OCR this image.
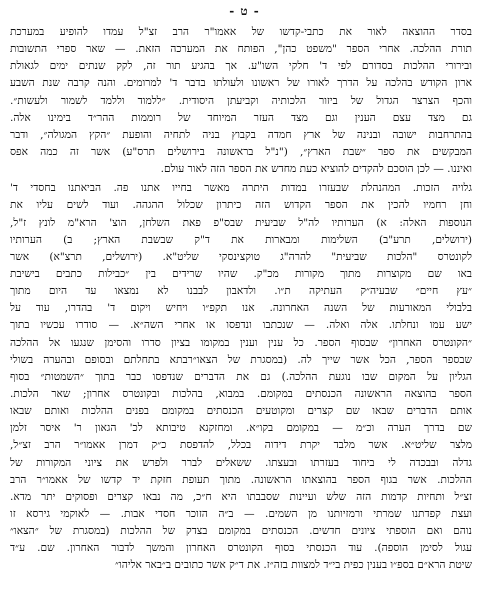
- ט -
בסדר ההוצאה לאור את כתבי-קדשו של אאמו"ר הרב זצ"ל עמדו להופיע במערכת
תורת ההלכה. אחרי הספר "משפט כהן", הפותח את המערכה הזאת. — שאר ספרי התשובות
ובירורי ההלכות בסדורם לפי ד' חלקי השו"ע. אך בהגיע תור זה, לקק שנתים ימים לגאולת
ארון הקודש בהלכה על הדרך לאורו של ראשונו ולעולתו בדבר ד' למרומים. והנה קרבה שנת השבע
והכף הצרצר הגדול של ביזור הלכותיה וקביעתן היסודית. ״ללמוד וללמד לשמור ולעשות״.
גם מצד עצם הענין וגם מצד העזר המיוחד של רוממות ההר״ד בימינו אלה.
בהתרחבות ישובה ובנינה של ארץ חמדה בקבוץ בניה לתחיה והופעת ״הקץ המגולה״, ודבר
המבקשים את ספר ״שבת הארץ״, ("נ"ל בראשונה בירושלים תרס"ע) אשר זה כמה אפס
ואיננו. — לכן הוסכם להקדים להוציא כעת מחדש את הספר הזה לאור עולם.
גלויה הזכות. המהנהלת שבעזרו במדות היתרה מאשר בחייו אתנו פה. הביאתנו בחסדי ד'
וחן רחמיו להכין את הספר הקדוש הזה כיתרון שכלול ההגהה. ועוד לשים עליו את
הנוספות האלה: א) הערותיו לה"ל שביעית שבס"פ פאת השלחן, הוצ' הרא"מ לונץ ז"ל,
(ירושלים, תרע"ב) השלימות ומבארות את ד"ק שבשבת הארץ; ב) הערותיו
לקונטרס "הלכות שביעית" להרה"ג טוקצינסקי שליט"א. (ירושלים, תרצ"א) אשר
באו שם מקוצרות מתוך מקורות מכ"ק. שהיו שרידים בין ״כבילות כתבים בישיבת
״עץ חיים״ שבעיה״ק העתיקה ת״ו. ולדאבון לבבנו לא נמצאו עד היום מתוך
בלבולי המאורעות של השנה האחרונה. אנו תקפ״ו ויחיש ויקום ד' בהדרו, עוד על
ישע עמו ונחלתו. אלה ואלה. — שנכתבו ונדפסו או אחרי השה״א. — סודרו עכשיו בתוך
״הקונטרס האחרון״ שבסוף הספר. כל ענין וענין במקומו בציון סדרו והסימן שנגעו אל ההלכה
שבספר הספר, הכל אשר שייך לה. (במסגרת של הצאו״רבתא בתחלתם ובסופם ובהערה בשולי
הגליון על המקום שבו נוגעת ההלכה.) גם את הדברים שנדפסו כבר בתוך ״השמטות״ בסוף
הספר בהוצאה הראשונה הכנסתים במקומם. במבוא, בהלכות ובקונטרס אחרון; שאר הלכות.
אותם הדברים שבאו שם קצרים ומקוטעים הכנסתים במקומם בפנים ההלכות ואותם שבאו
שם בדרך הערה וכ״מ — במקומם בקו״א. ומחזקנא טיבותא לכ' הגאון ר' איסר זלמן
מלצר שליט״א. אשר מלבד יקרת דידוה בכלל, להדפסת כ״ק דמרן אאמו״ר הרב זצ״ל,
גדלה ובבכדה לי ביחוד בעזרתו ובעצתו. ששאלים לברר ולפרש את ציוני המקורות של
ההלכות. אשר בגוף הספר בהוצאתו הראשונה. מתוך תעופת חזקת יד קדשו של אאמו״ר הרב
זצ״ל ותחיות קדמות הזה שלש ועיינות שסבבתו היא ח״כ, מה נבאו קצרים ופסוקים יתר מדא.
ועצת קפדתנו שמרתי ורמזיותנו מן השמים. — ב״ה הזוכר חסדי אבות. — לאוקמי גירסא זו
נוהם ואם הוספתי ציונים חדשים. הכנסתים במקומם בצדק של ההלכות (במסגרת של ״הצאו״
עגול לסימן הוספה). עוד הכנסתי בסוף הקונטרס האחרון והמשך לדבור האחרון. שם. ע״ד
שיטת הרא״ם בספ״ו בענין כפית בי״ד למצוות בזה״ז. את ד״ק אשר כתובים ב״באר אליהו״
